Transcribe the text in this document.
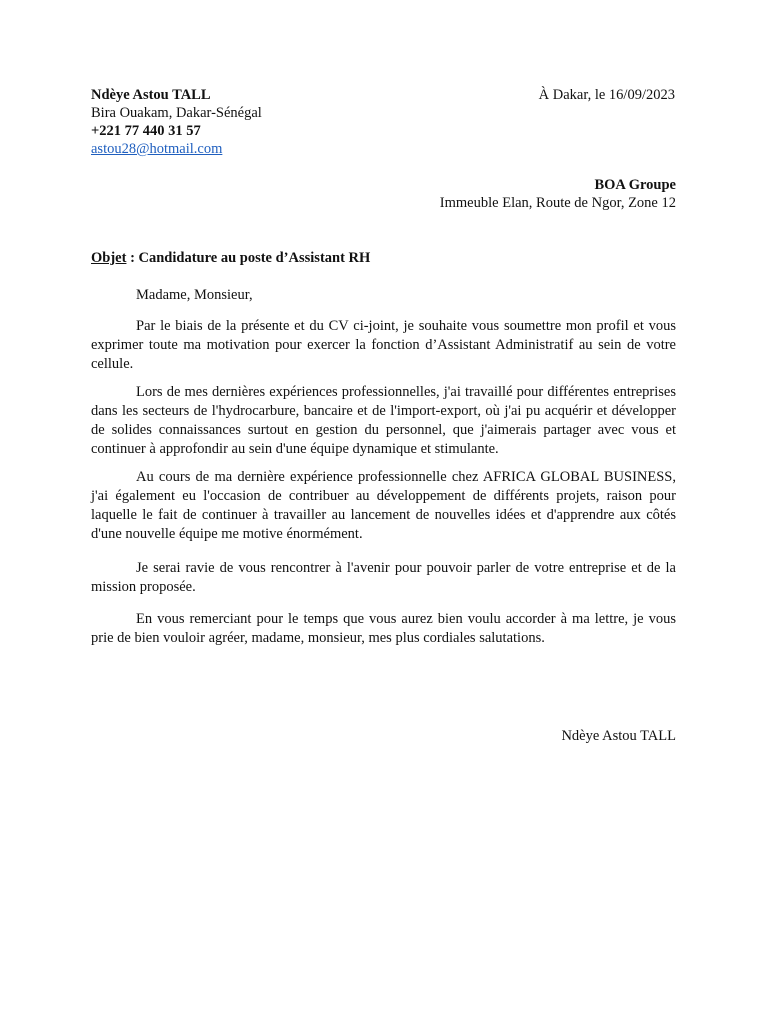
Ndèye Astou TALL
Bira Ouakam, Dakar-Sénégal
+221 77 440 31 57
astou28@hotmail.com
À Dakar, le 16/09/2023
BOA Groupe
Immeuble Elan, Route de Ngor, Zone 12
Objet : Candidature au poste d’Assistant RH
Madame, Monsieur,

Par le biais de la présente et du CV ci-joint, je souhaite vous soumettre mon profil et vous exprimer toute ma motivation pour exercer la fonction d’Assistant Administratif au sein de votre cellule.

Lors de mes dernières expériences professionnelles, j'ai travaillé pour différentes entreprises dans les secteurs de l'hydrocarbure, bancaire et de l'import-export, où j'ai pu acquérir et développer de solides connaissances surtout en gestion du personnel, que j'aimerais partager avec vous et continuer à approfondir au sein d'une équipe dynamique et stimulante.

Au cours de ma dernière expérience professionnelle chez AFRICA GLOBAL BUSINESS, j'ai également eu l'occasion de contribuer au développement de différents projets, raison pour laquelle le fait de continuer à travailler au lancement de nouvelles idées et d'apprendre aux côtés d'une nouvelle équipe me motive énormément.

Je serai ravie de vous rencontrer à l'avenir pour pouvoir parler de votre entreprise et de la mission proposée.

En vous remerciant pour le temps que vous aurez bien voulu accorder à ma lettre, je vous prie de bien vouloir agréer, madame, monsieur, mes plus cordiales salutations.

Ndèye Astou TALL
